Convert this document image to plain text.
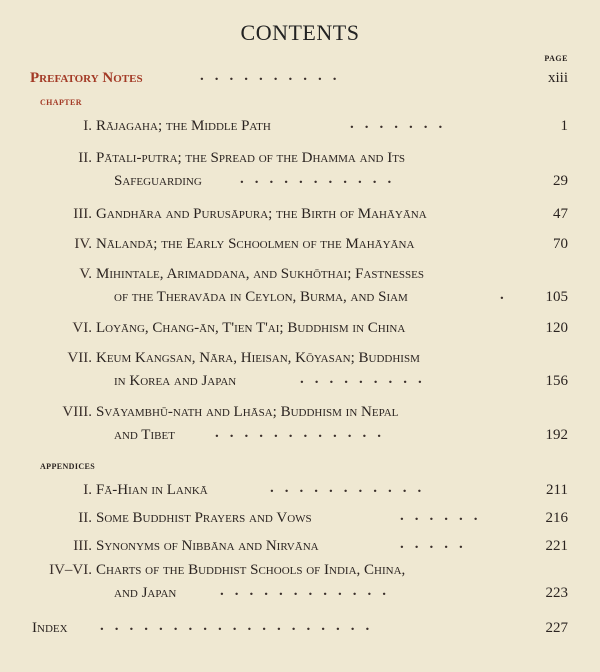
CONTENTS
PAGE
Prefatory Notes	..........	xiii
CHAPTER
I. Rājagaha; the Middle Path	.......	1
II. Pātali-putra; the Spread of the Dhamma and Its
Safeguarding	...........	29
III. Gandhāra and Purusāpura; the Birth of Mahāyāna	47
IV. Nālandā; the Early Schoolmen of the Mahāyāna	70
V. Mihintale, Arimaddana, and Sukhōthai; Fastnesses
of the Theravāda in Ceylon, Burma, and Siam	. 105
VI. Loyāng, Chang-ān, T'ien T'ai; Buddhism in China	120
VII. Keum Kangsan, Nāra, Hieisan, Kōyasan; Buddhism
in Korea and Japan	.........	156
VIII. Svāyambhū-nath and Lhāsa; Buddhism in Nepal
and Tibet	............	192
APPENDICES
I. Fā-Hian in Lankā	...........	211
II. Some Buddhist Prayers and Vows	......	216
III. Synonyms of Nibbāna and Nirvāna	.....	221
IV–VI. Charts of the Buddhist Schools of India, China,
and Japan	............	223
Index ...................	227
